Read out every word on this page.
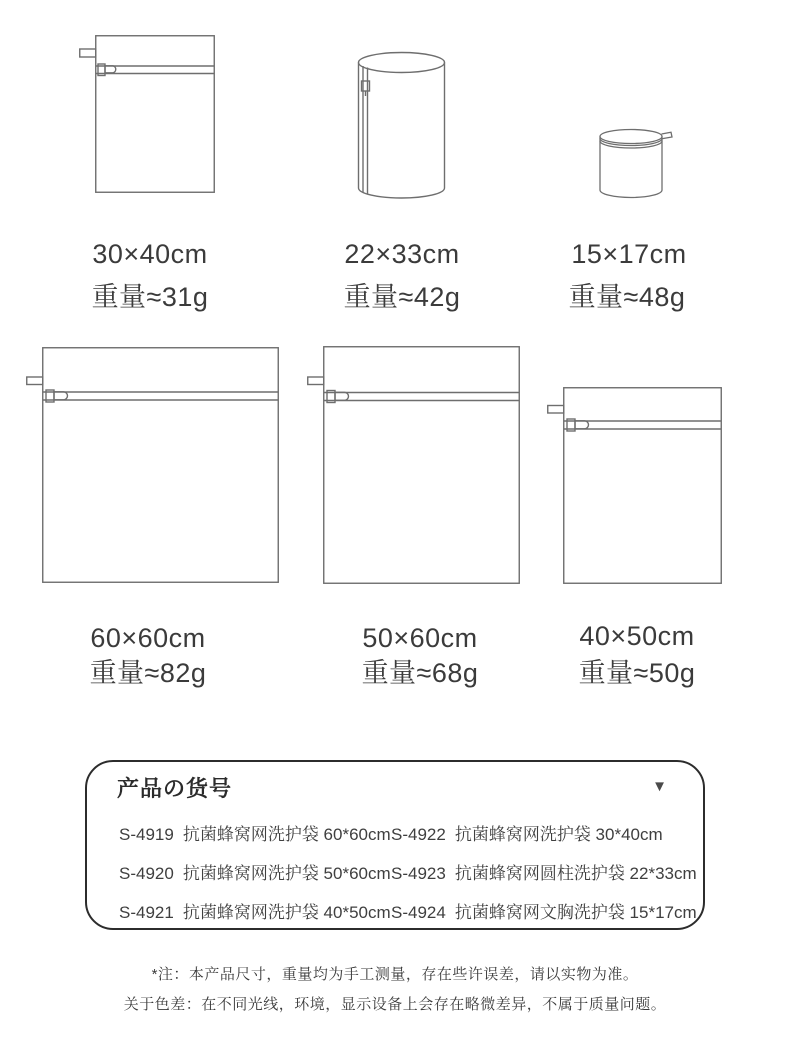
30×40cm
重量≈31g
22×33cm
重量≈42g
15×17cm
重量≈48g
60×60cm
重量≈82g
50×60cm
重量≈68g
40×50cm
重量≈50g
产品の货号	▼
S-4919 抗菌蜂窝网洗护袋 60*60cm S-4922 抗菌蜂窝网洗护袋 30*40cm
S-4920 抗菌蜂窝网洗护袋 50*60cm S-4923 抗菌蜂窝网圆柱洗护袋 22*33cm
S-4921 抗菌蜂窝网洗护袋 40*50cm S-4924 抗菌蜂窝网文胸洗护袋 15*17cm
*注：本产品尺寸，重量均为手工测量，存在些许误差，请以实物为准。
关于色差：在不同光线，环境，显示设备上会存在略微差异，不属于质量问题。
